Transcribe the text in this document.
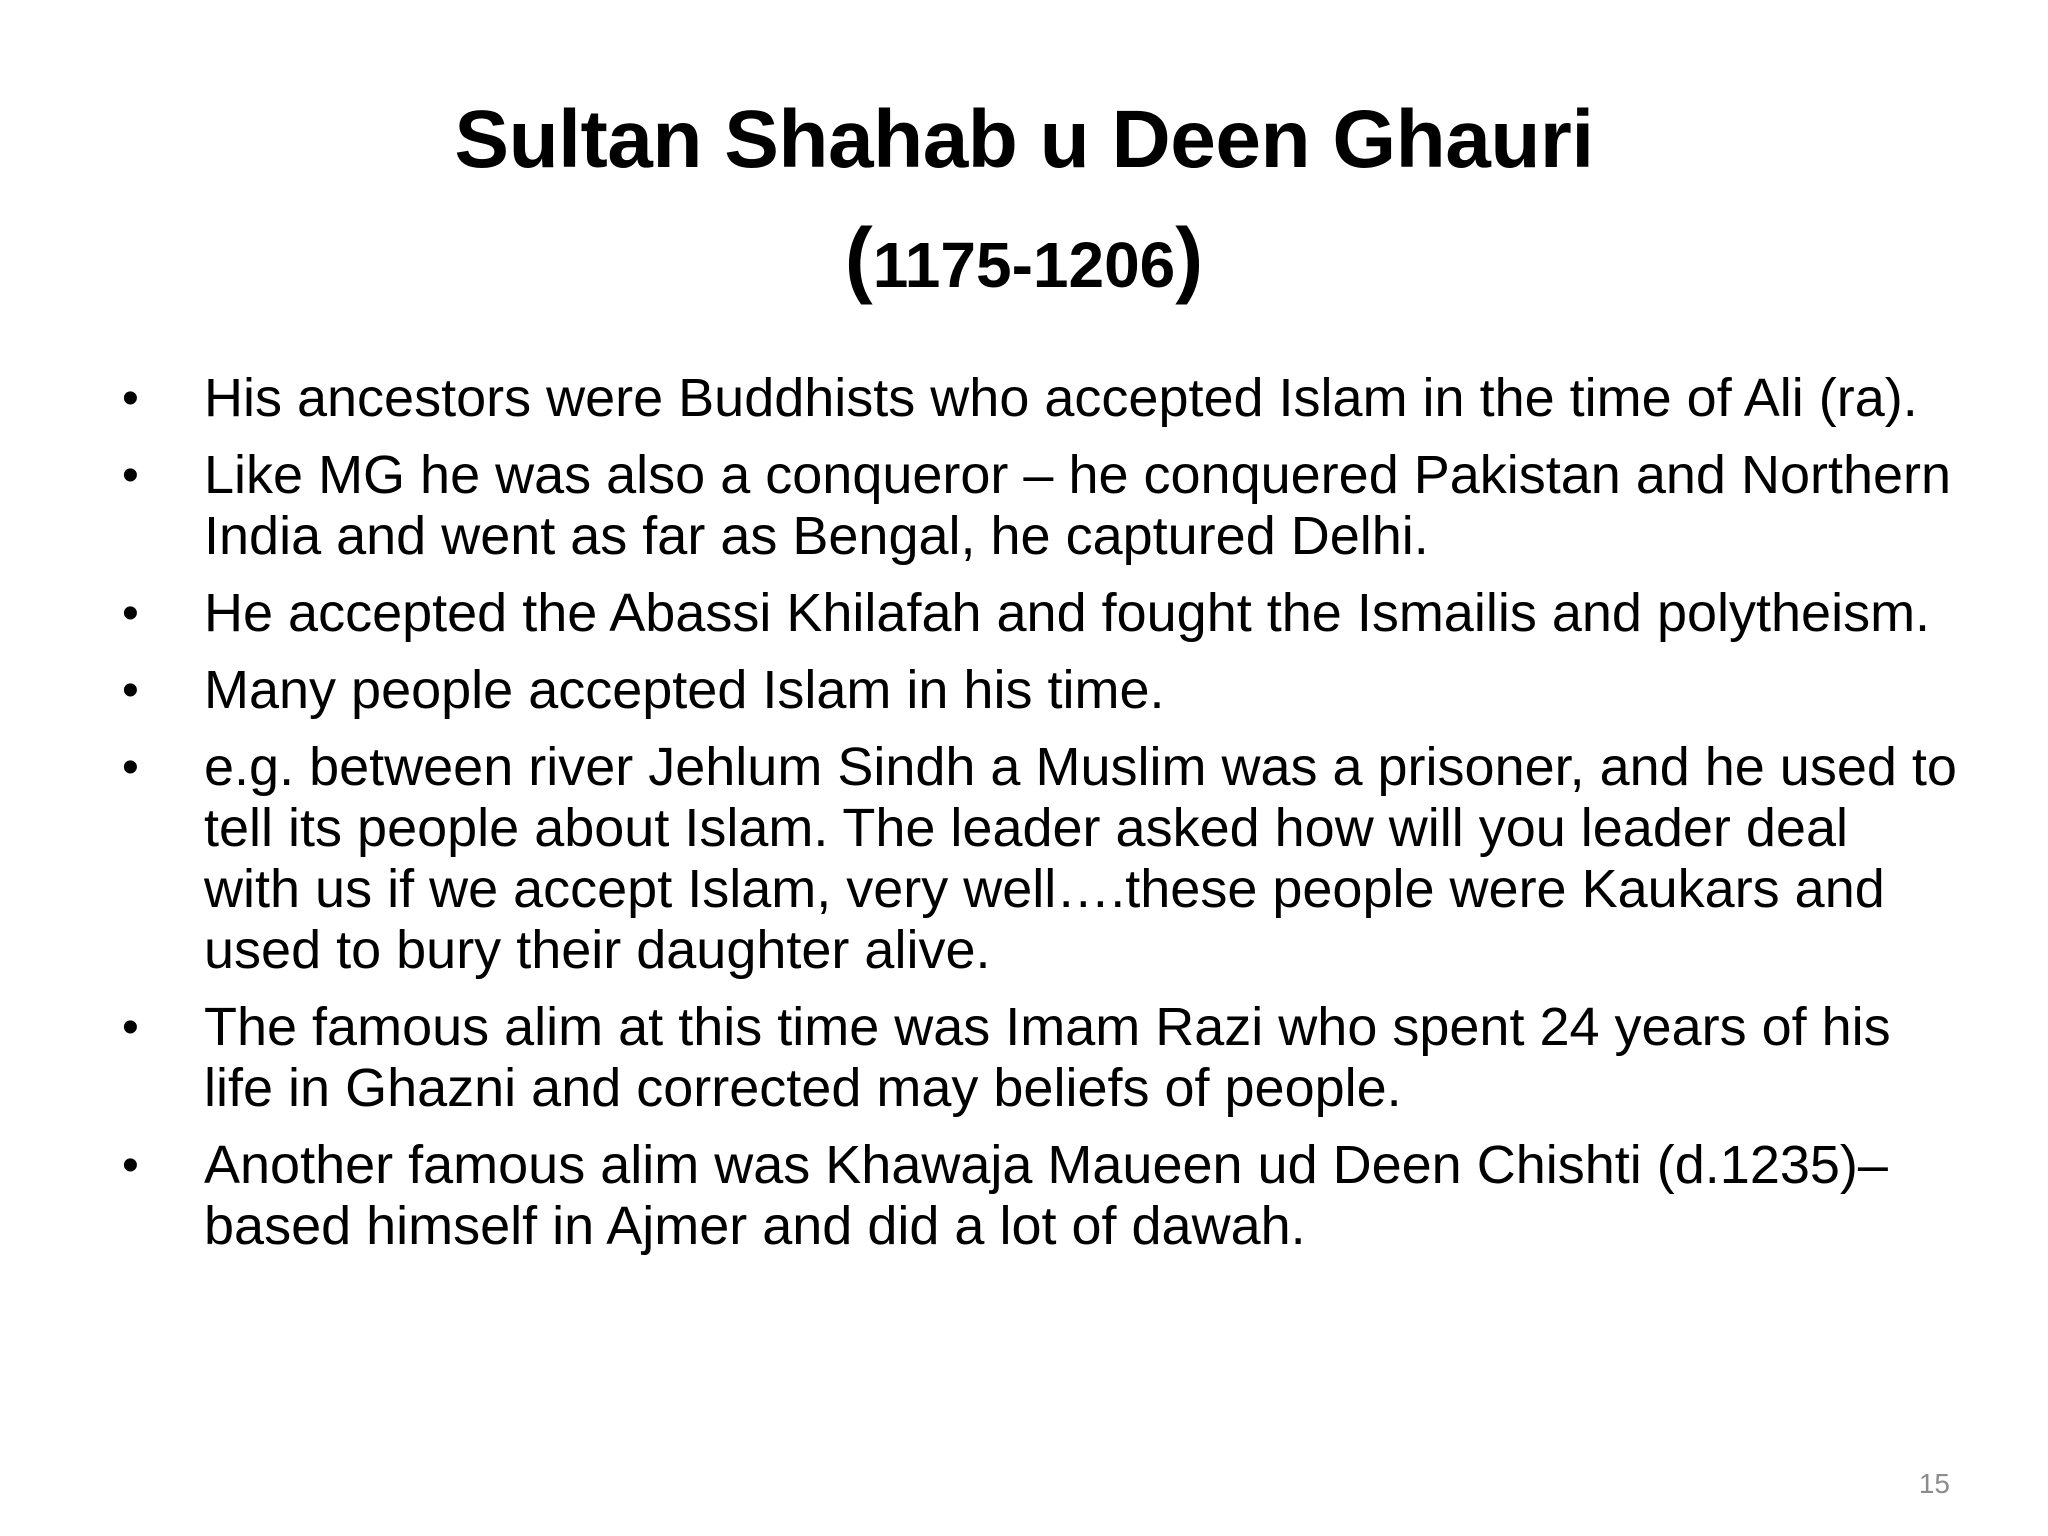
Sultan Shahab u Deen Ghauri
(1175-1206)
• His ancestors were Buddhists who accepted Islam in the time of Ali (ra).
• Like MG he was also a conqueror – he conquered Pakistan and Northern India and went as far as Bengal, he captured Delhi.
• He accepted the Abassi Khilafah and fought the Ismailis and polytheism.
• Many people accepted Islam in his time.
• e.g. between river Jehlum Sindh a Muslim was a prisoner, and he used to tell its people about Islam. The leader asked how will you leader deal with us if we accept Islam, very well….these people were Kaukars and used to bury their daughter alive.
• The famous alim at this time was Imam Razi who spent 24 years of his life in Ghazni and corrected may beliefs of people.
• Another famous alim was Khawaja Maueen ud Deen Chishti (d.1235)– based himself in Ajmer and did a lot of dawah.
15
